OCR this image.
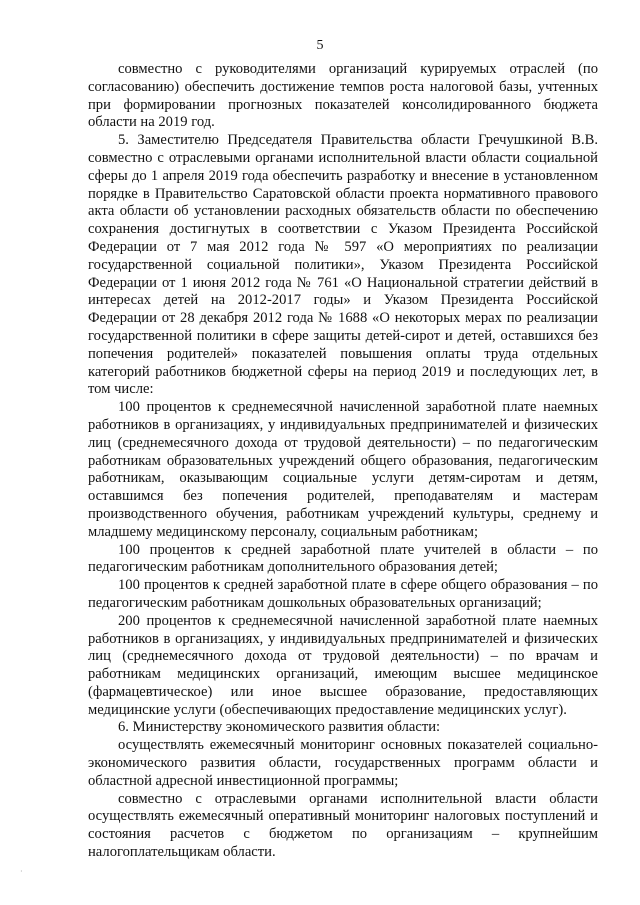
5

совместно с руководителями организаций курируемых отраслей (по согласованию) обеспечить достижение темпов роста налоговой базы, учтенных при формировании прогнозных показателей консолидированного бюджета области на 2019 год.

5. Заместителю Председателя Правительства области Гречушкиной В.В. совместно с отраслевыми органами исполнительной власти области социальной сферы до 1 апреля 2019 года обеспечить разработку и внесение в установленном порядке в Правительство Саратовской области проекта нормативного правового акта области об установлении расходных обязательств области по обеспечению сохранения достигнутых в соответствии с Указом Президента Российской Федерации от 7 мая 2012 года № 597 «О мероприятиях по реализации государственной социальной политики», Указом Президента Российской Федерации от 1 июня 2012 года № 761 «О Национальной стратегии действий в интересах детей на 2012-2017 годы» и Указом Президента Российской Федерации от 28 декабря 2012 года № 1688 «О некоторых мерах по реализации государственной политики в сфере защиты детей-сирот и детей, оставшихся без попечения родителей» показателей повышения оплаты труда отдельных категорий работников бюджетной сферы на период 2019 и последующих лет, в том числе:

100 процентов к среднемесячной начисленной заработной плате наемных работников в организациях, у индивидуальных предпринимателей и физических лиц (среднемесячного дохода от трудовой деятельности) – по педагогическим работникам образовательных учреждений общего образования, педагогическим работникам, оказывающим социальные услуги детям-сиротам и детям, оставшимся без попечения родителей, преподавателям и мастерам производственного обучения, работникам учреждений культуры, среднему и младшему медицинскому персоналу, социальным работникам;

100 процентов к средней заработной плате учителей в области – по педагогическим работникам дополнительного образования детей;

100 процентов к средней заработной плате в сфере общего образования – по педагогическим работникам дошкольных образовательных организаций;

200 процентов к среднемесячной начисленной заработной плате наемных работников в организациях, у индивидуальных предпринимателей и физических лиц (среднемесячного дохода от трудовой деятельности) – по врачам и работникам медицинских организаций, имеющим высшее медицинское (фармацевтическое) или иное высшее образование, предоставляющих медицинские услуги (обеспечивающих предоставление медицинских услуг).

6. Министерству экономического развития области:

осуществлять ежемесячный мониторинг основных показателей социально-экономического развития области, государственных программ области и областной адресной инвестиционной программы;

совместно с отраслевыми органами исполнительной власти области осуществлять ежемесячный оперативный мониторинг налоговых поступлений и состояния расчетов с бюджетом по организациям – крупнейшим налогоплательщикам области.

·
